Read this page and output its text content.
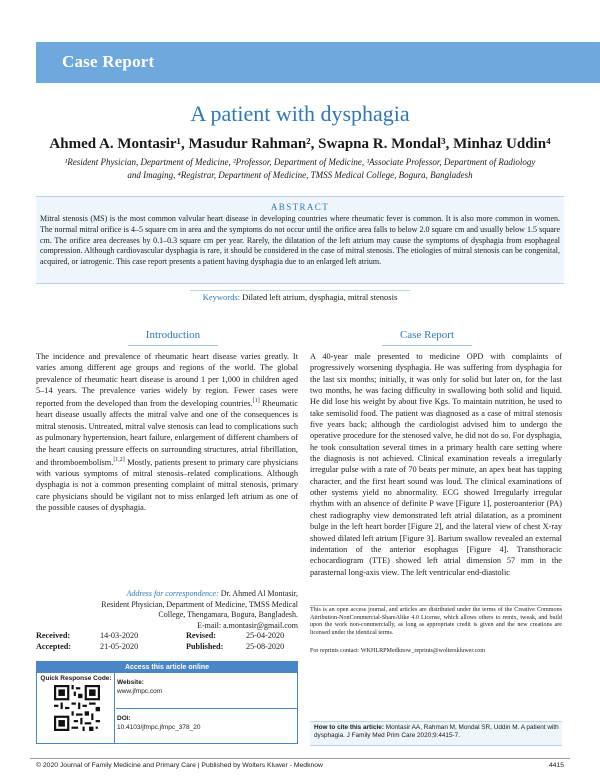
Case Report
A patient with dysphagia
Ahmed A. Montasir¹, Masudur Rahman², Swapna R. Mondal³, Minhaz Uddin⁴
¹Resident Physician, Department of Medicine, ²Professor, Department of Medicine, ³Associate Professor, Department of Radiology and Imaging, ⁴Registrar, Department of Medicine, TMSS Medical College, Bogura, Bangladesh
ABSTRACT
Mitral stenosis (MS) is the most common valvular heart disease in developing countries where rheumatic fever is common. It is also more common in women. The normal mitral orifice is 4–5 square cm in area and the symptoms do not occur until the orifice area falls to below 2.0 square cm and usually below 1.5 square cm. The orifice area decreases by 0.1–0.3 square cm per year. Rarely, the dilatation of the left atrium may cause the symptoms of dysphagia from esophageal compression. Although cardiovascular dysphagia is rare, it should be considered in the case of mitral stenosis. The etiologies of mitral stenosis can be congenital, acquired, or iatrogenic. This case report presents a patient having dysphagia due to an enlarged left atrium.
Keywords: Dilated left atrium, dysphagia, mitral stenosis
Introduction
The incidence and prevalence of rheumatic heart disease varies greatly. It varies among different age groups and regions of the world. The global prevalence of rheumatic heart disease is around 1 per 1,000 in children aged 5–14 years. The prevalence varies widely by region. Fewer cases were reported from the developed than from the developing countries.[1] Rheumatic heart disease usually affects the mitral valve and one of the consequences is mitral stenosis. Untreated, mitral valve stenosis can lead to complications such as pulmonary hypertension, heart failure, enlargement of different chambers of the heart causing pressure effects on surrounding structures, atrial fibrillation, and thromboembolism.[1,2] Mostly, patients present to primary care physicians with various symptoms of mitral stenosis–related complications. Although dysphagia is not a common presenting complaint of mitral stenosis, primary care physicians should be vigilant not to miss enlarged left atrium as one of the possible causes of dysphagia.
Address for correspondence: Dr. Ahmed Al Montasir,
Resident Physician, Department of Medicine, TMSS Medical
College, Thengamara, Bogura, Bangladesh.
E-mail: a.montasir@gmail.com
Received:	14-03-2020	Revised:	25-04-2020
Accepted:	21-05-2020	Published:	25-08-2020
Access this article online
Quick Response Code:
Website:
www.jfmpc.com
DOI:
10.4103/jfmpc.jfmpc_378_20
Case Report
A 40-year male presented to medicine OPD with complaints of progressively worsening dysphagia. He was suffering from dysphagia for the last six months; initially, it was only for solid but later on, for the last two months, he was facing difficulty in swallowing both solid and liquid. He did lose his weight by about five Kgs. To maintain nutrition, he used to take semisolid food. The patient was diagnosed as a case of mitral stenosis five years back; although the cardiologist advised him to undergo the operative procedure for the stenosed valve, he did not do so. For dysphagia, he took consultation several times in a primary health care setting where the diagnosis is not achieved. Clinical examination reveals a irregularly irregular pulse with a rate of 70 beats per minute, an apex beat has tapping character, and the first heart sound was loud. The clinical examinations of other systems yield no abnormality. ECG showed Irregularly irregular rhythm with an absence of definite P wave [Figure 1], posteroanterior (PA) chest radiography view demonstrated left atrial dilatation, as a prominent bulge in the left heart border [Figure 2], and the lateral view of chest X-ray showed dilated left atrium [Figure 3]. Barium swallow revealed an external indentation of the anterior esophagus [Figure 4]. Transthoracic echocardiogram (TTE) showed left atrial dimension 57 mm in the parasternal long-axis view. The left ventricular end-diastolic
This is an open access journal, and articles are distributed under the terms of the Creative Commons Attribution-NonCommercial-ShareAlike 4.0 License, which allows others to remix, tweak, and build upon the work non-commercially, as long as appropriate credit is given and the new creations are licensed under the identical terms.
For reprints contact: WKHLRPMedknow_reprints@wolterskluwer.com
How to cite this article: Montasir AA, Rahman M, Mondal SR, Uddin M. A patient with dysphagia. J Family Med Prim Care 2020;9:4415-7.
© 2020 Journal of Family Medicine and Primary Care | Published by Wolters Kluwer - Medknow	4415
